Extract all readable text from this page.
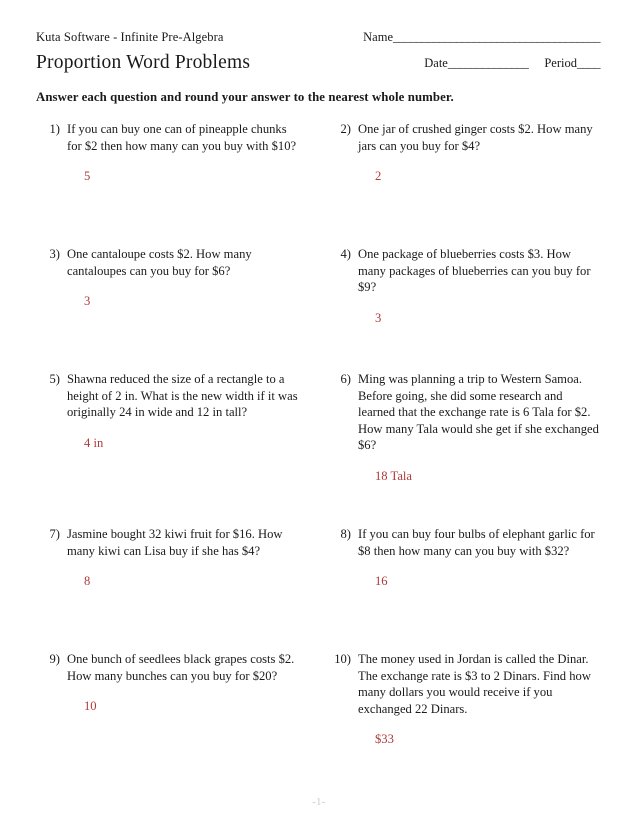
Kuta Software - Infinite Pre-Algebra	Name____________________________________
Proportion Word Problems	Date______________ Period____
Answer each question and round your answer to the nearest whole number.
1) If you can buy one can of pineapple chunks for $2 then how many can you buy with $10?
5
2) One jar of crushed ginger costs $2. How many jars can you buy for $4?
2
3) One cantaloupe costs $2. How many cantaloupes can you buy for $6?
3
4) One package of blueberries costs $3. How many packages of blueberries can you buy for $9?
3
5) Shawna reduced the size of a rectangle to a height of 2 in. What is the new width if it was originally 24 in wide and 12 in tall?
4 in
6) Ming was planning a trip to Western Samoa. Before going, she did some research and learned that the exchange rate is 6 Tala for $2. How many Tala would she get if she exchanged $6?
18 Tala
7) Jasmine bought 32 kiwi fruit for $16. How many kiwi can Lisa buy if she has $4?
8
8) If you can buy four bulbs of elephant garlic for $8 then how many can you buy with $32?
16
9) One bunch of seedlees black grapes costs $2. How many bunches can you buy for $20?
10
10) The money used in Jordan is called the Dinar. The exchange rate is $3 to 2 Dinars. Find how many dollars you would receive if you exchanged 22 Dinars.
$33
-1-
